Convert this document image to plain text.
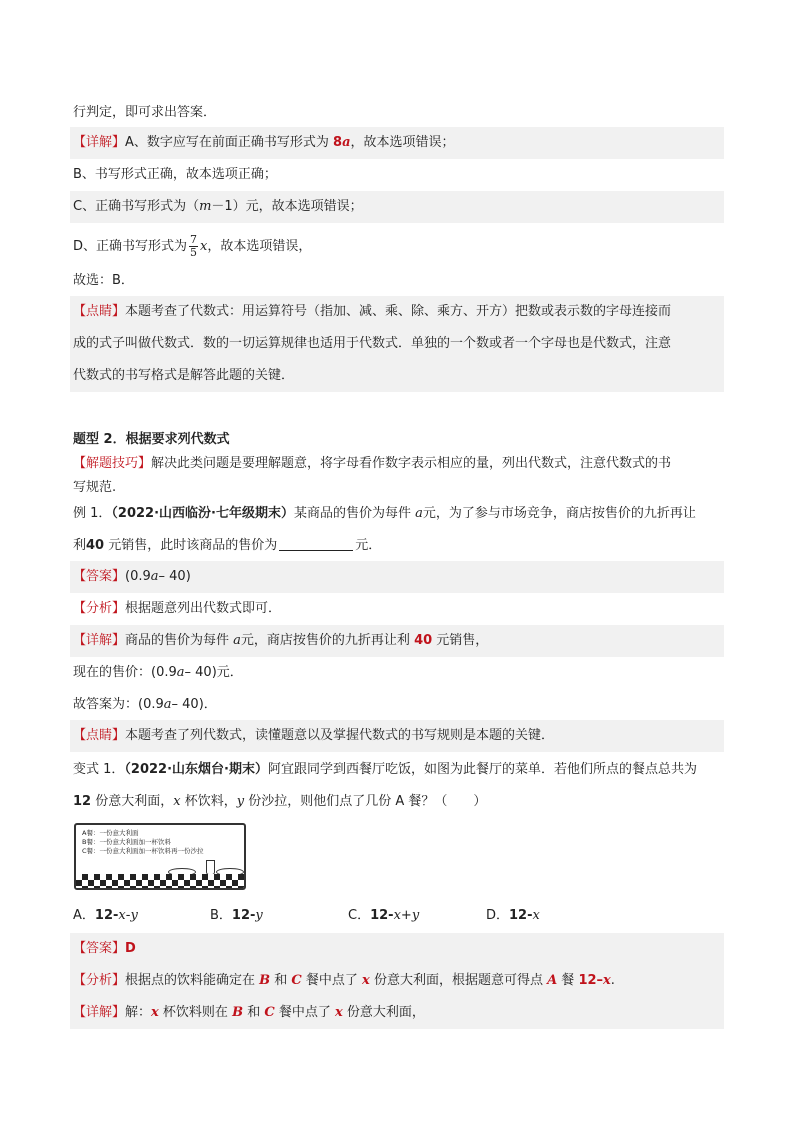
行判定，即可求出答案．
【详解】A、数字应写在前面正确书写形式为 8a，故本选项错误；
B、书写形式正确，故本选项正确；
C、正确书写形式为（m－1）元，故本选项错误；
D、正确书写形式为 $\frac{7}{5}$ x，故本选项错误，
故选：B．
【点睛】本题考查了代数式：用运算符号（指加、减、乘、除、乘方、开方）把数或表示数的字母连接而
成的式子叫做代数式．数的一切运算规律也适用于代数式．单独的一个数或者一个字母也是代数式，注意
代数式的书写格式是解答此题的关键．
题型 2．根据要求列代数式
【解题技巧】解决此类问题是要理解题意，将字母看作数字表示相应的量，列出代数式，注意代数式的书
写规范.
例 1．（2022·山西临汾·七年级期末）某商品的售价为每件 a元，为了参与市场竞争，商店按售价的九折再让
利40 元销售，此时该商品的售价为	元．
【答案】(0.9a– 40)
【分析】根据题意列出代数式即可．
【详解】商品的售价为每件 a元，商店按售价的九折再让利 40 元销售，
现在的售价：(0.9a– 40)元．
故答案为：(0.9a– 40)．
【点睛】本题考查了列代数式，读懂题意以及掌握代数式的书写规则是本题的关键．
变式 1．（2022·山东烟台·期末）阿宜跟同学到西餐厅吃饭，如图为此餐厅的菜单．若他们所点的餐点总共为
12 份意大利面，x 杯饮料，y 份沙拉，则他们点了几份 A 餐？（　　）
A餐：一份意大利面
B餐：一份意大利面加一杯饮料
C餐：一份意大利面加一杯饮料再一份沙拉
A．12-x-y	B．12-y	C．12-x+y	D．12-x
【答案】D
【分析】根据点的饮料能确定在 B 和 C 餐中点了 x 份意大利面，根据题意可得点 A 餐 12–x.
【详解】解：x 杯饮料则在 B 和 C 餐中点了 x 份意大利面，
